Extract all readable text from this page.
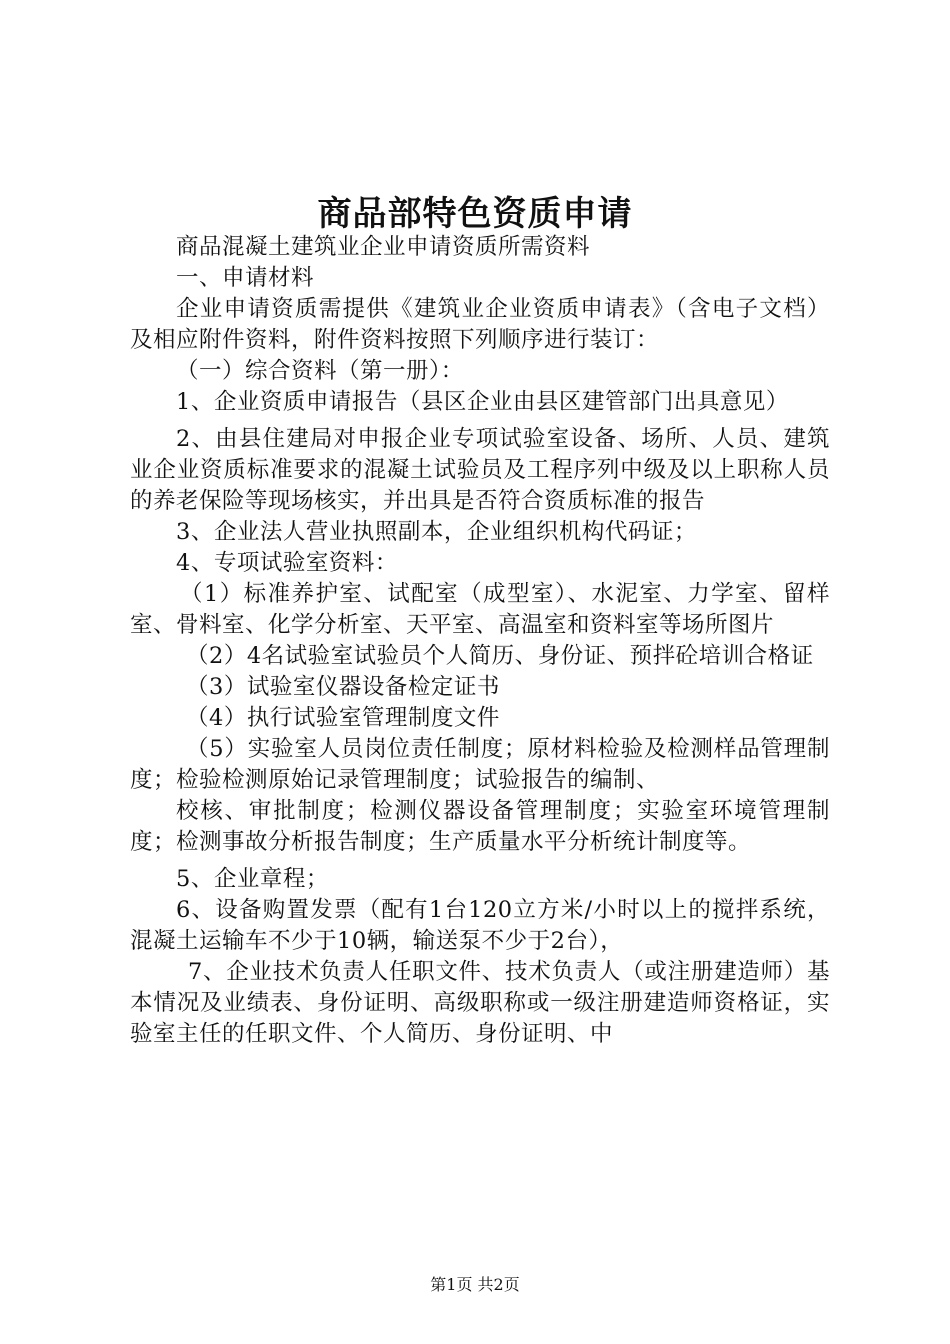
商品部特色资质申请

商品混凝土建筑业企业申请资质所需资料

一、申请材料

企业申请资质需提供《建筑业企业资质申请表》（含电子文档）及相应附件资料，附件资料按照下列顺序进行装订：

（一）综合资料（第一册）：

1、企业资质申请报告（县区企业由县区建管部门出具意见）

2、由县住建局对申报企业专项试验室设备、场所、人员、建筑业企业资质标准要求的混凝土试验员及工程序列中级及以上职称人员的养老保险等现场核实，并出具是否符合资质标准的报告

3、企业法人营业执照副本，企业组织机构代码证；

4、专项试验室资料：

（1）标准养护室、试配室（成型室）、水泥室、力学室、留样室、骨料室、化学分析室、天平室、高温室和资料室等场所图片

（2）4名试验室试验员个人简历、身份证、预拌砼培训合格证

（3）试验室仪器设备检定证书

（4）执行试验室管理制度文件

（5）实验室人员岗位责任制度；原材料检验及检测样品管理制度；检验检测原始记录管理制度；试验报告的编制、

校核、审批制度；检测仪器设备管理制度；实验室环境管理制度；检测事故分析报告制度；生产质量水平分析统计制度等。

5、企业章程；

6、设备购置发票（配有1台120立方米/小时以上的搅拌系统，混凝土运输车不少于10辆，输送泵不少于2台），

7、企业技术负责人任职文件、技术负责人（或注册建造师）基本情况及业绩表、身份证明、高级职称或一级注册建造师资格证，实验室主任的任职文件、个人简历、身份证明、中

第1页 共2页
